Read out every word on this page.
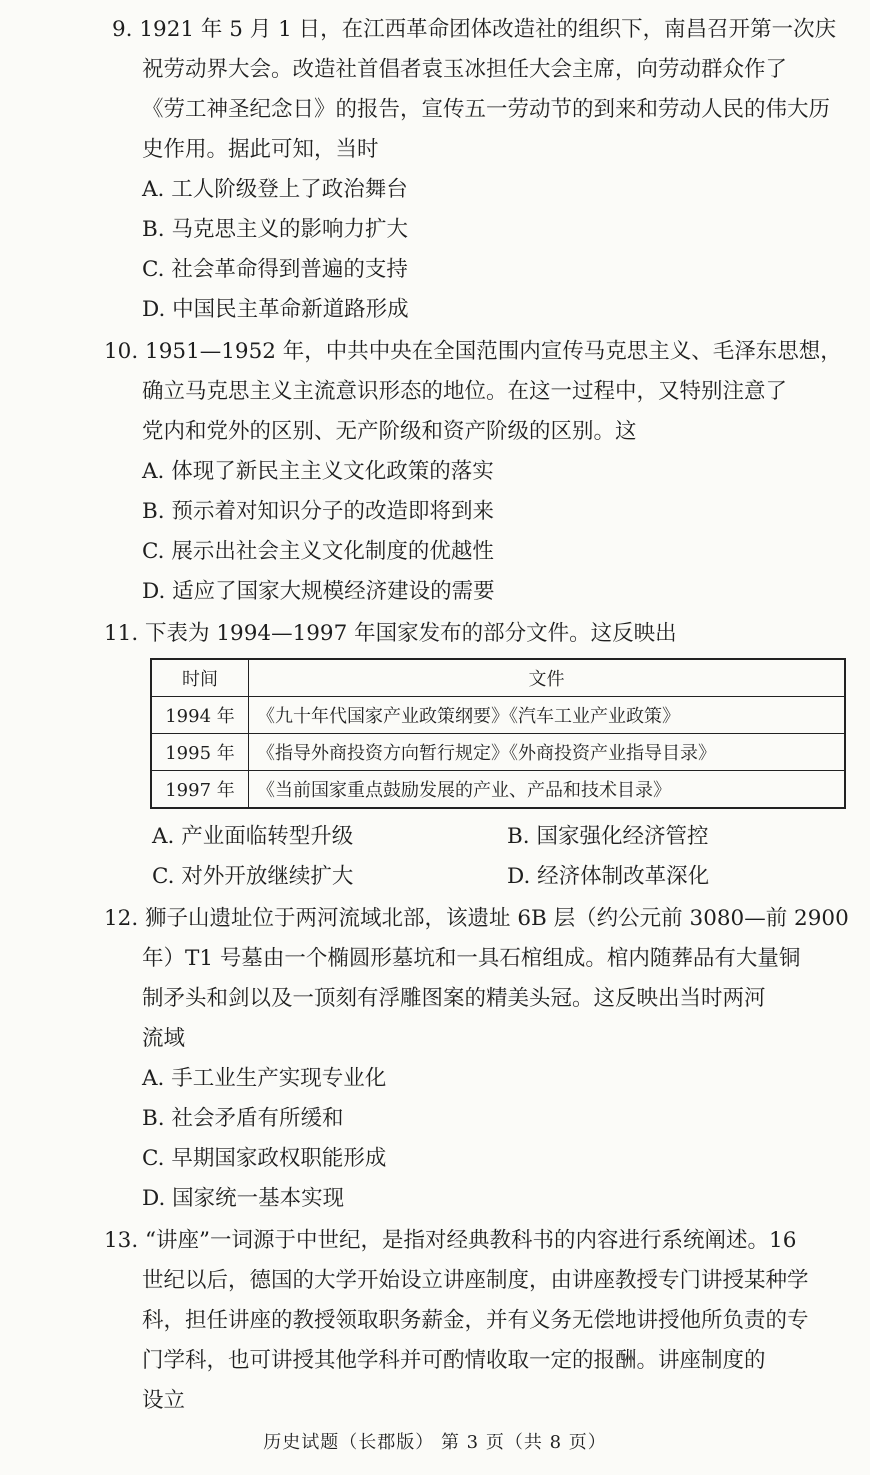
9. 1921 年 5 月 1 日，在江西革命团体改造社的组织下，南昌召开第一次庆
祝劳动界大会。改造社首倡者袁玉冰担任大会主席，向劳动群众作了
《劳工神圣纪念日》的报告，宣传五一劳动节的到来和劳动人民的伟大历
史作用。据此可知，当时
A. 工人阶级登上了政治舞台
B. 马克思主义的影响力扩大
C. 社会革命得到普遍的支持
D. 中国民主革命新道路形成
10. 1951—1952 年，中共中央在全国范围内宣传马克思主义、毛泽东思想，
确立马克思主义主流意识形态的地位。在这一过程中，又特别注意了
党内和党外的区别、无产阶级和资产阶级的区别。这
A. 体现了新民主主义文化政策的落实
B. 预示着对知识分子的改造即将到来
C. 展示出社会主义文化制度的优越性
D. 适应了国家大规模经济建设的需要
11. 下表为 1994—1997 年国家发布的部分文件。这反映出
时间	文件
1994 年	《九十年代国家产业政策纲要》《汽车工业产业政策》
1995 年	《指导外商投资方向暂行规定》《外商投资产业指导目录》
1997 年	《当前国家重点鼓励发展的产业、产品和技术目录》
A. 产业面临转型升级	B. 国家强化经济管控
C. 对外开放继续扩大	D. 经济体制改革深化
12. 狮子山遗址位于两河流域北部，该遗址 6B 层（约公元前 3080—前 2900
年）T1 号墓由一个椭圆形墓坑和一具石棺组成。棺内随葬品有大量铜
制矛头和剑以及一顶刻有浮雕图案的精美头冠。这反映出当时两河
流域
A. 手工业生产实现专业化
B. 社会矛盾有所缓和
C. 早期国家政权职能形成
D. 国家统一基本实现
13. “讲座”一词源于中世纪，是指对经典教科书的内容进行系统阐述。16
世纪以后，德国的大学开始设立讲座制度，由讲座教授专门讲授某种学
科，担任讲座的教授领取职务薪金，并有义务无偿地讲授他所负责的专
门学科，也可讲授其他学科并可酌情收取一定的报酬。讲座制度的
设立
历史试题（长郡版） 第 3 页（共 8 页）
